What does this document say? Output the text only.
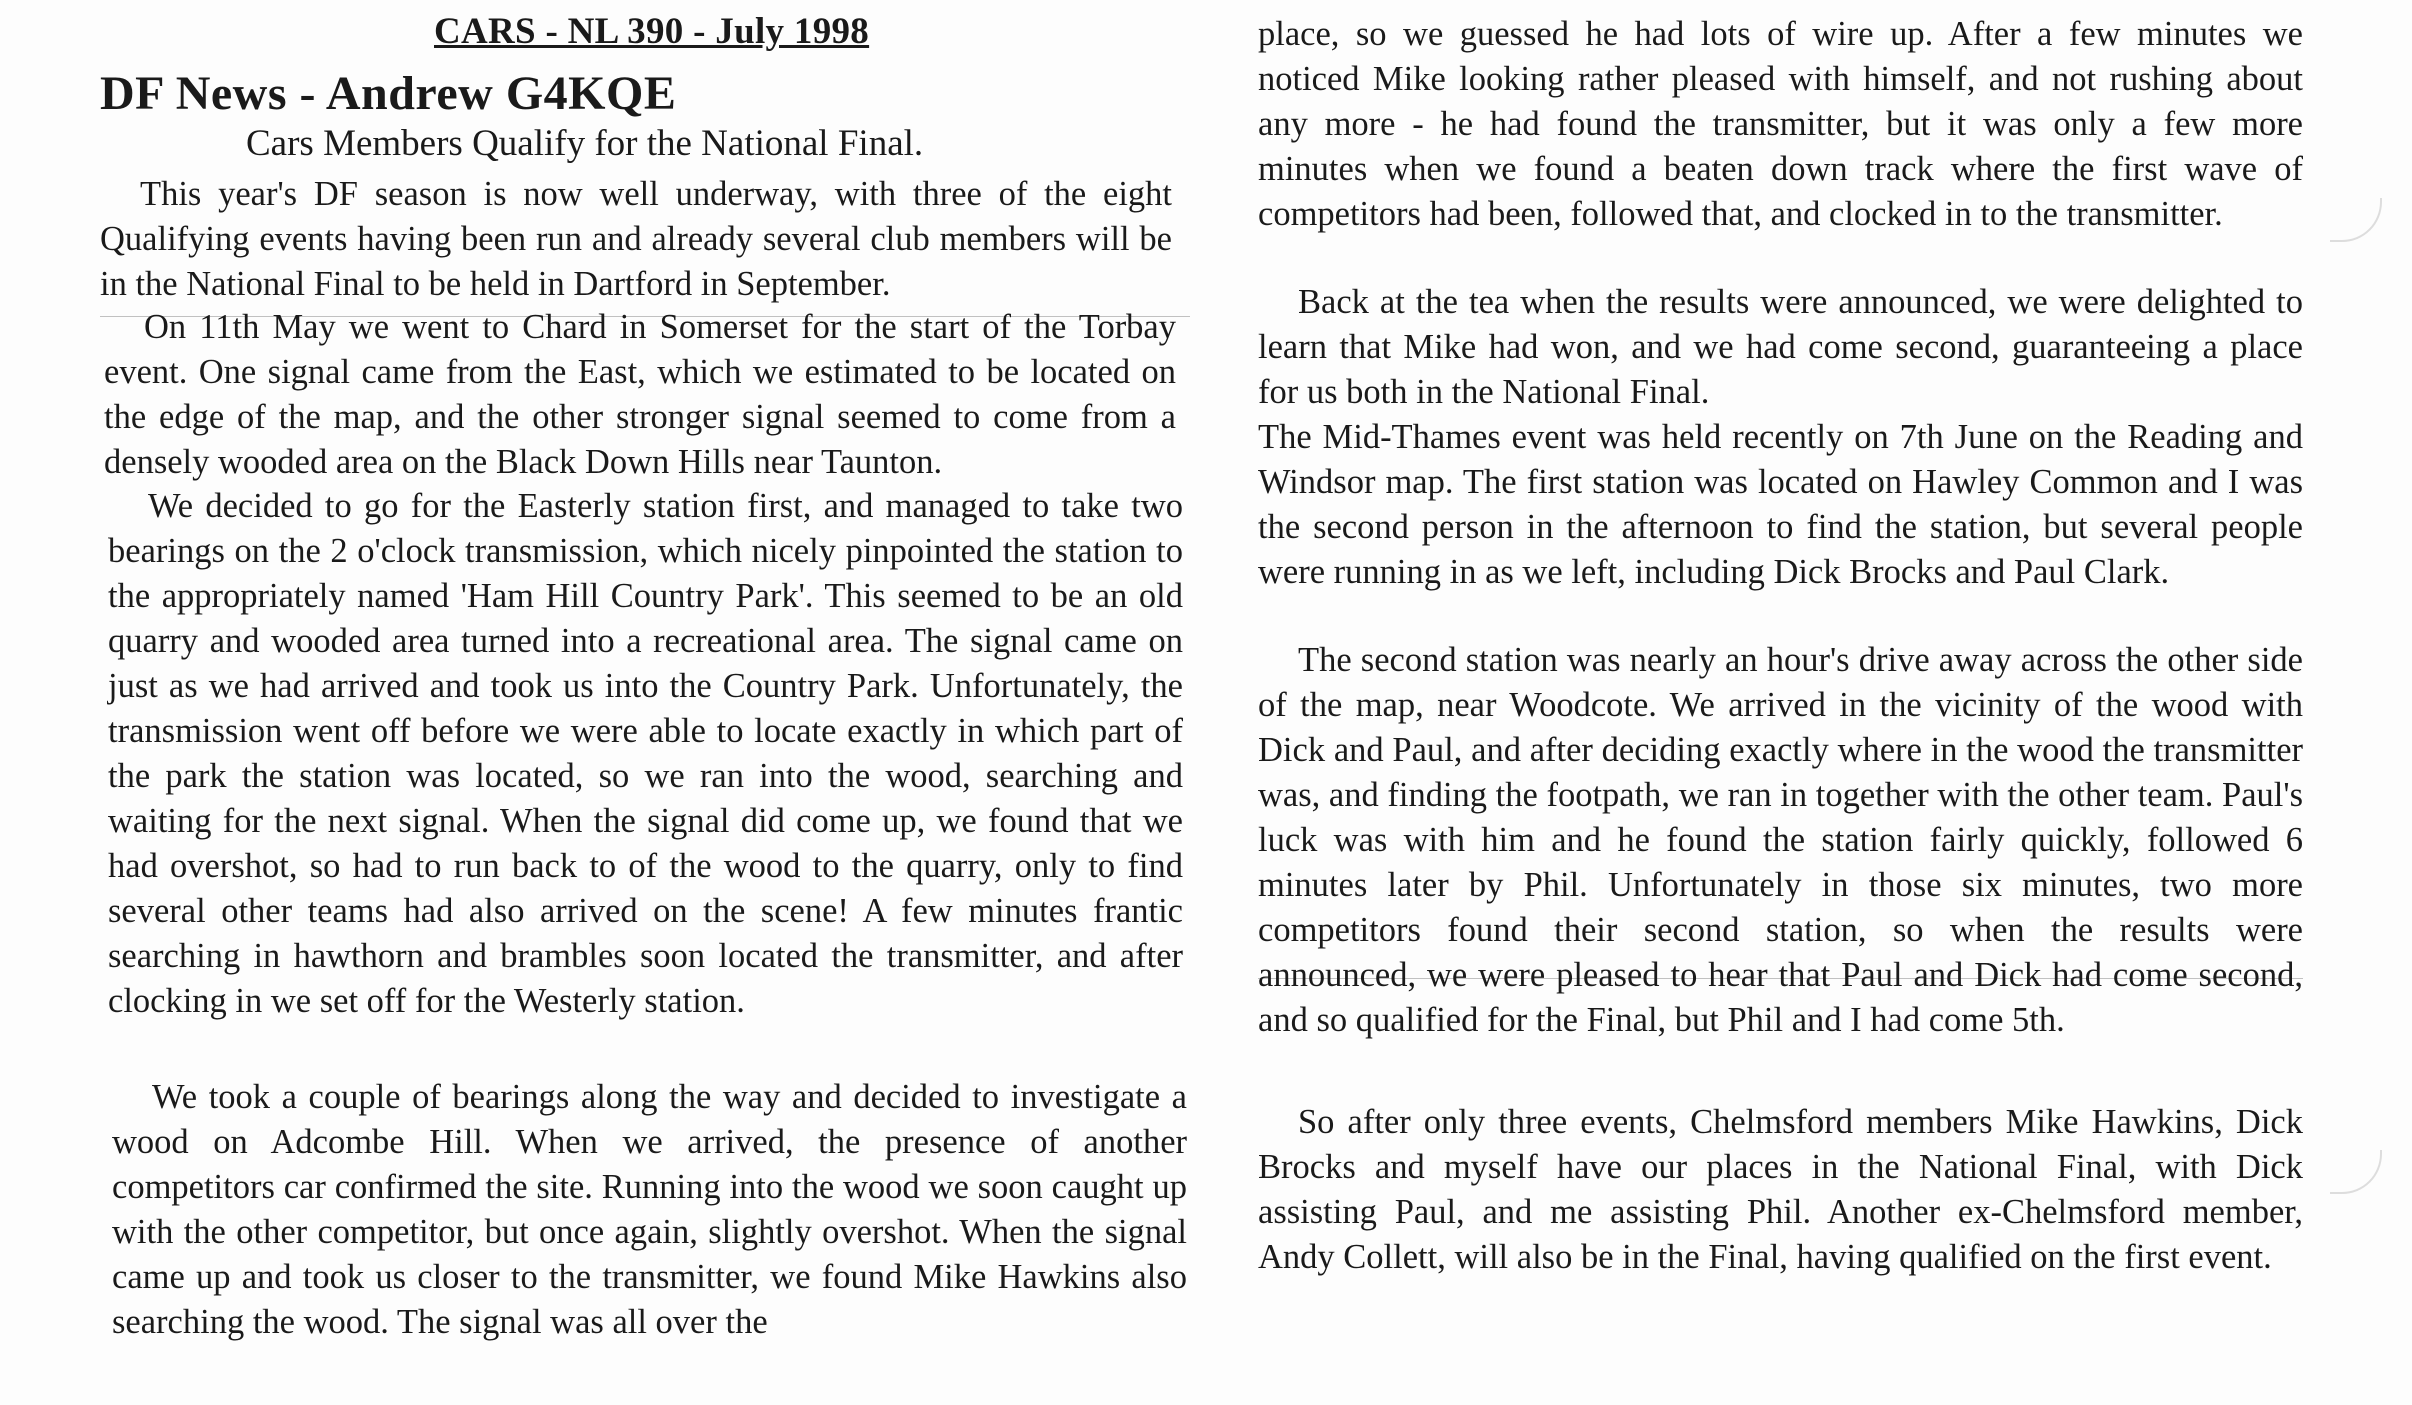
CARS - NL 390 - July 1998
DF News - Andrew G4KQE
Cars Members Qualify for the National Final.

This year's DF season is now well underway, with three of the eight Qualifying events having been run and already several club members will be in the National Final to be held in Dartford in September.

On 11th May we went to Chard in Somerset for the start of the Torbay event. One signal came from the East, which we estimated to be located on the edge of the map, and the other stronger signal seemed to come from a densely wooded area on the Black Down Hills near Taunton.

We decided to go for the Easterly station first, and managed to take two bearings on the 2 o'clock transmission, which nicely pinpointed the station to the appropriately named 'Ham Hill Country Park'. This seemed to be an old quarry and wooded area turned into a recreational area. The signal came on just as we had arrived and took us into the Country Park. Unfortunately, the transmission went off before we were able to locate exactly in which part of the park the station was located, so we ran into the wood, searching and waiting for the next signal. When the signal did come up, we found that we had overshot, so had to run back to of the wood to the quarry, only to find several other teams had also arrived on the scene! A few minutes frantic searching in hawthorn and brambles soon located the transmitter, and after clocking in we set off for the Westerly station.

We took a couple of bearings along the way and decided to investigate a wood on Adcombe Hill. When we arrived, the presence of another competitors car confirmed the site. Running into the wood we soon caught up with the other competitor, but once again, slightly overshot. When the signal came up and took us closer to the transmitter, we found Mike Hawkins also searching the wood. The signal was all over the

place, so we guessed he had lots of wire up. After a few minutes we noticed Mike looking rather pleased with himself, and not rushing about any more - he had found the transmitter, but it was only a few more minutes when we found a beaten down track where the first wave of competitors had been, followed that, and clocked in to the transmitter.

Back at the tea when the results were announced, we were delighted to learn that Mike had won, and we had come second, guaranteeing a place for us both in the National Final.

The Mid-Thames event was held recently on 7th June on the Reading and Windsor map. The first station was located on Hawley Common and I was the second person in the afternoon to find the station, but several people were running in as we left, including Dick Brocks and Paul Clark.

The second station was nearly an hour's drive away across the other side of the map, near Woodcote. We arrived in the vicinity of the wood with Dick and Paul, and after deciding exactly where in the wood the transmitter was, and finding the footpath, we ran in together with the other team. Paul's luck was with him and he found the station fairly quickly, followed 6 minutes later by Phil. Unfortunately in those six minutes, two more competitors found their second station, so when the results were announced, we were pleased to hear that Paul and Dick had come second, and so qualified for the Final, but Phil and I had come 5th.

So after only three events, Chelmsford members Mike Hawkins, Dick Brocks and myself have our places in the National Final, with Dick assisting Paul, and me assisting Phil. Another ex-Chelmsford member, Andy Collett, will also be in the Final, having qualified on the first event.
